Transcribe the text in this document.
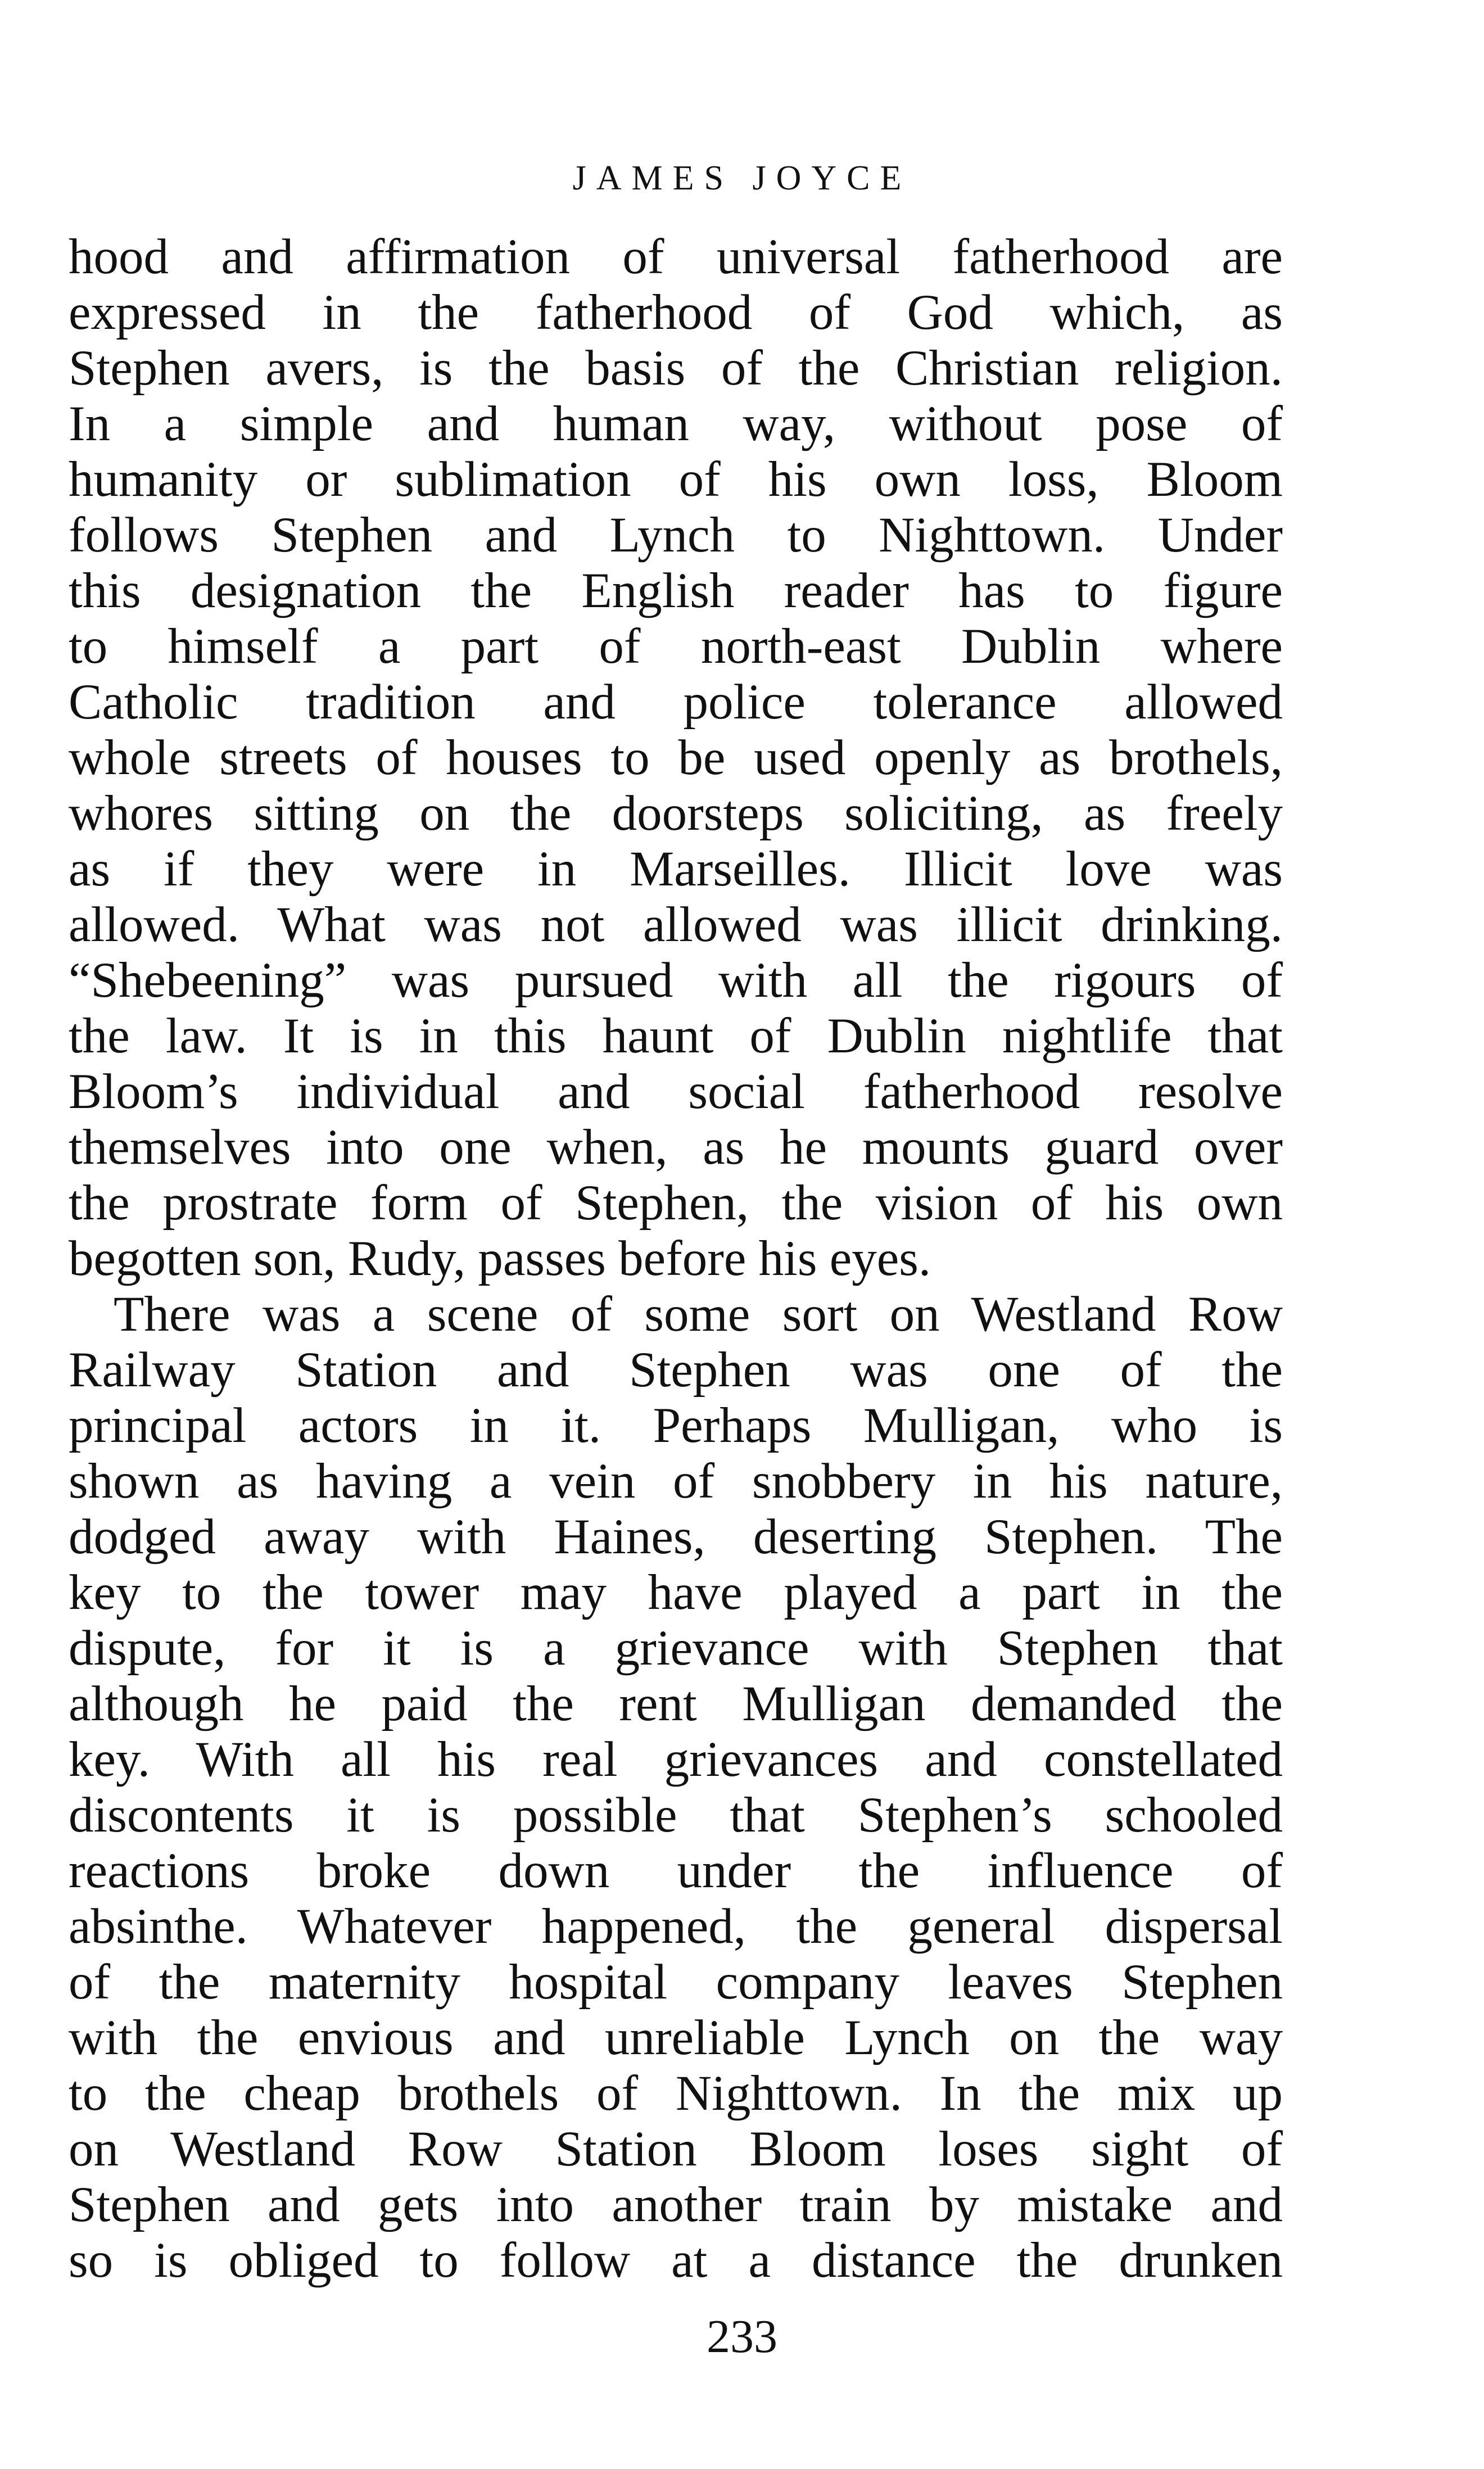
JAMES JOYCE
hood and affirmation of universal fatherhood are
expressed in the fatherhood of God which, as
Stephen avers, is the basis of the Christian religion.
In a simple and human way, without pose of
humanity or sublimation of his own loss, Bloom
follows Stephen and Lynch to Nighttown. Under
this designation the English reader has to figure
to himself a part of north-east Dublin where
Catholic tradition and police tolerance allowed
whole streets of houses to be used openly as brothels,
whores sitting on the doorsteps soliciting, as freely
as if they were in Marseilles. Illicit love was
allowed. What was not allowed was illicit drinking.
“Shebeening” was pursued with all the rigours of
the law. It is in this haunt of Dublin nightlife that
Bloom’s individual and social fatherhood resolve
themselves into one when, as he mounts guard over
the prostrate form of Stephen, the vision of his own
begotten son, Rudy, passes before his eyes.
There was a scene of some sort on Westland Row
Railway Station and Stephen was one of the
principal actors in it. Perhaps Mulligan, who is
shown as having a vein of snobbery in his nature,
dodged away with Haines, deserting Stephen. The
key to the tower may have played a part in the
dispute, for it is a grievance with Stephen that
although he paid the rent Mulligan demanded the
key. With all his real grievances and constellated
discontents it is possible that Stephen’s schooled
reactions broke down under the influence of
absinthe. Whatever happened, the general dispersal
of the maternity hospital company leaves Stephen
with the envious and unreliable Lynch on the way
to the cheap brothels of Nighttown. In the mix up
on Westland Row Station Bloom loses sight of
Stephen and gets into another train by mistake and
so is obliged to follow at a distance the drunken
233
